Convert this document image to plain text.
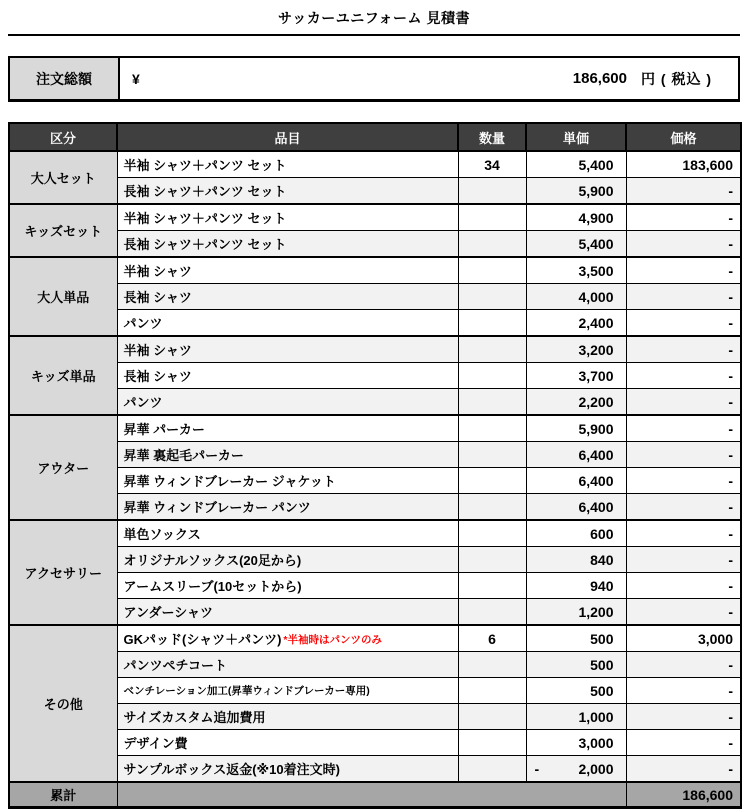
サッカーユニフォーム 見積書
注文総額	¥	186,600 円 ( 税込 )
区分	品目	数量	単価	価格
大人セット	半袖 シャツ＋パンツ セット	34	5,400	183,600
	長袖 シャツ＋パンツ セット		5,900	-
キッズセット	半袖 シャツ＋パンツ セット		4,900	-
	長袖 シャツ＋パンツ セット		5,400	-
大人単品	半袖 シャツ		3,500	-
	長袖 シャツ		4,000	-
	パンツ		2,400	-
キッズ単品	半袖 シャツ		3,200	-
	長袖 シャツ		3,700	-
	パンツ		2,200	-
アウター	昇華 パーカー		5,900	-
	昇華 裏起毛パーカー		6,400	-
	昇華 ウィンドブレーカー ジャケット		6,400	-
	昇華 ウィンドブレーカー パンツ		6,400	-
アクセサリー	単色ソックス		600	-
	オリジナルソックス(20足から)		840	-
	アームスリーブ(10セットから)		940	-
	アンダーシャツ		1,200	-
その他	GKパッド(シャツ＋パンツ) *半袖時はパンツのみ	6	500	3,000
	パンツペチコート		500	-
	ベンチレーション加工(昇華ウィンドブレーカー専用)		500	-
	サイズカスタム追加費用		1,000	-
	デザイン費		3,000	-
	サンプルボックス返金(※10着注文時)		- 2,000	-
累計				186,600
